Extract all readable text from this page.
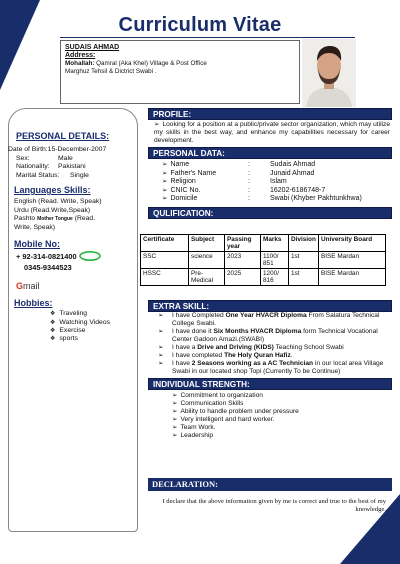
Curriculum Vitae
SUDAIS AHMAD
Address:
Mohallah: Qamral (Aka Khel) Village & Post Office
Marghuz Tehsil & Dictrict Swabi .
PERSONAL DETAILS:
Date of Birth:15-December-2007
Sex:	Male
Nationality:	Pakistani
Marital Status:	Single
Languages Skills:
English (Read. Write, Speak)
Urdu (Read.Write,Speak)
Pashto Mother Tongue (Read.
Write, Speak)
Mobile No:
+ 92-314-0821400
0345-9344523
Gmail
Hobbies:
❖ Traveling
❖ Watching Videos
❖ Exercise
❖ sports
PROFILE:
➢ Looking for a position at a public/private sector organization, which may utilize my skills in the best way, and enhance my capabilities necessary for career development.
PERSONAL DATA:
➢ Name	:	Sudais Ahmad
➢ Father's Name	:	Junaid Ahmad
➢ Religion	:	Islam
➢ CNIC No.	:	16202-6186748-7
➢ Domicile	:	Swabi (Khyber Pakhtunkhwa)
QULIFICATION:
Certificate	Subject	Passing year	Marks	Division	University Board
SSC	science	2023	1100/ 851	1st	BISE Mardan
HSSC	Pre-Medical	2025	1200/ 816	1st	BISE Mardan
EXTRA SKILL:
➢	I have Completed One Year HVACR Diploma From Salatura Technical College Swabi.
➢	I have done it Six Months HVACR Diploma form Technical Vocational Center Gadoon Amazi.(SWABI)
➢	I have a Drive and Driving (KIDS) Teaching School Swabi
➢	I have completed The Holy Quran Hafiz.
➢	I have 2 Seasons working as a AC Technician in our local area Village Swabi in our located shop Topi (Currently To be Continue)
INDIVIDUAL STRENGTH:
➢ Commitment to organization
➢ Communication Skills
➢ Ability to handle problem under pressure
➢ Very intelligent and hard worker.
➢ Team Work.
➢ Leadership
DECLARATION:
I declare that the above information given by me is correct and true to the best of my knowledge.
